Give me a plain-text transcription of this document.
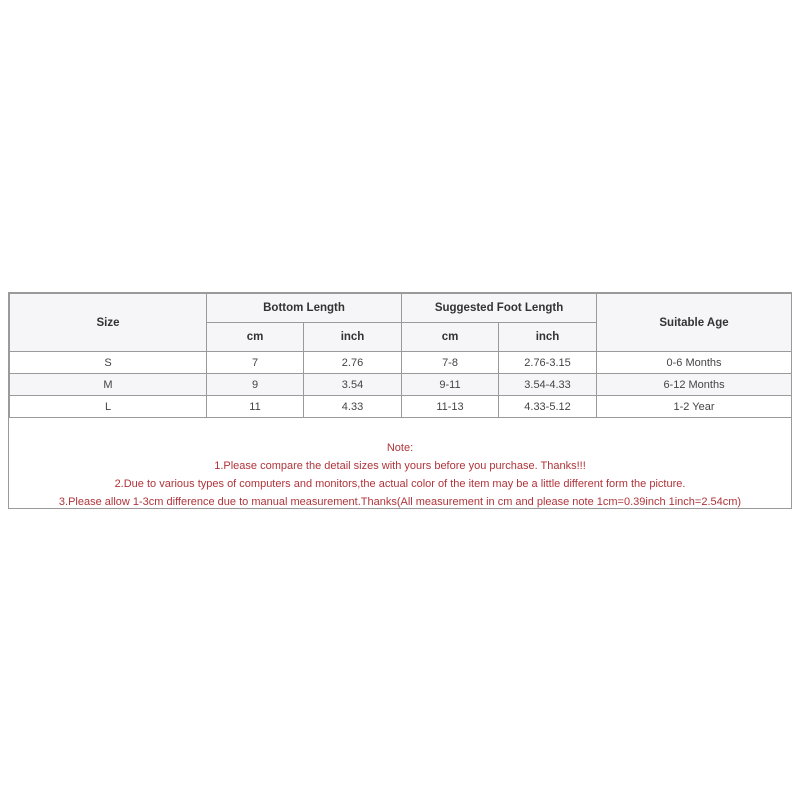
Size	Bottom Length		Suggested Foot Length		Suitable Age
	cm	inch	cm	inch	
S	7	2.76	7-8	2.76-3.15	0-6 Months
M	9	3.54	9-11	3.54-4.33	6-12 Months
L	11	4.33	11-13	4.33-5.12	1-2 Year
Note:
1.Please compare the detail sizes with yours before you purchase. Thanks!!!
2.Due to various types of computers and monitors,the actual color of the item may be a little different form the picture.
3.Please allow 1-3cm difference due to manual measurement.Thanks(All measurement in cm and please note 1cm=0.39inch 1inch=2.54cm)
